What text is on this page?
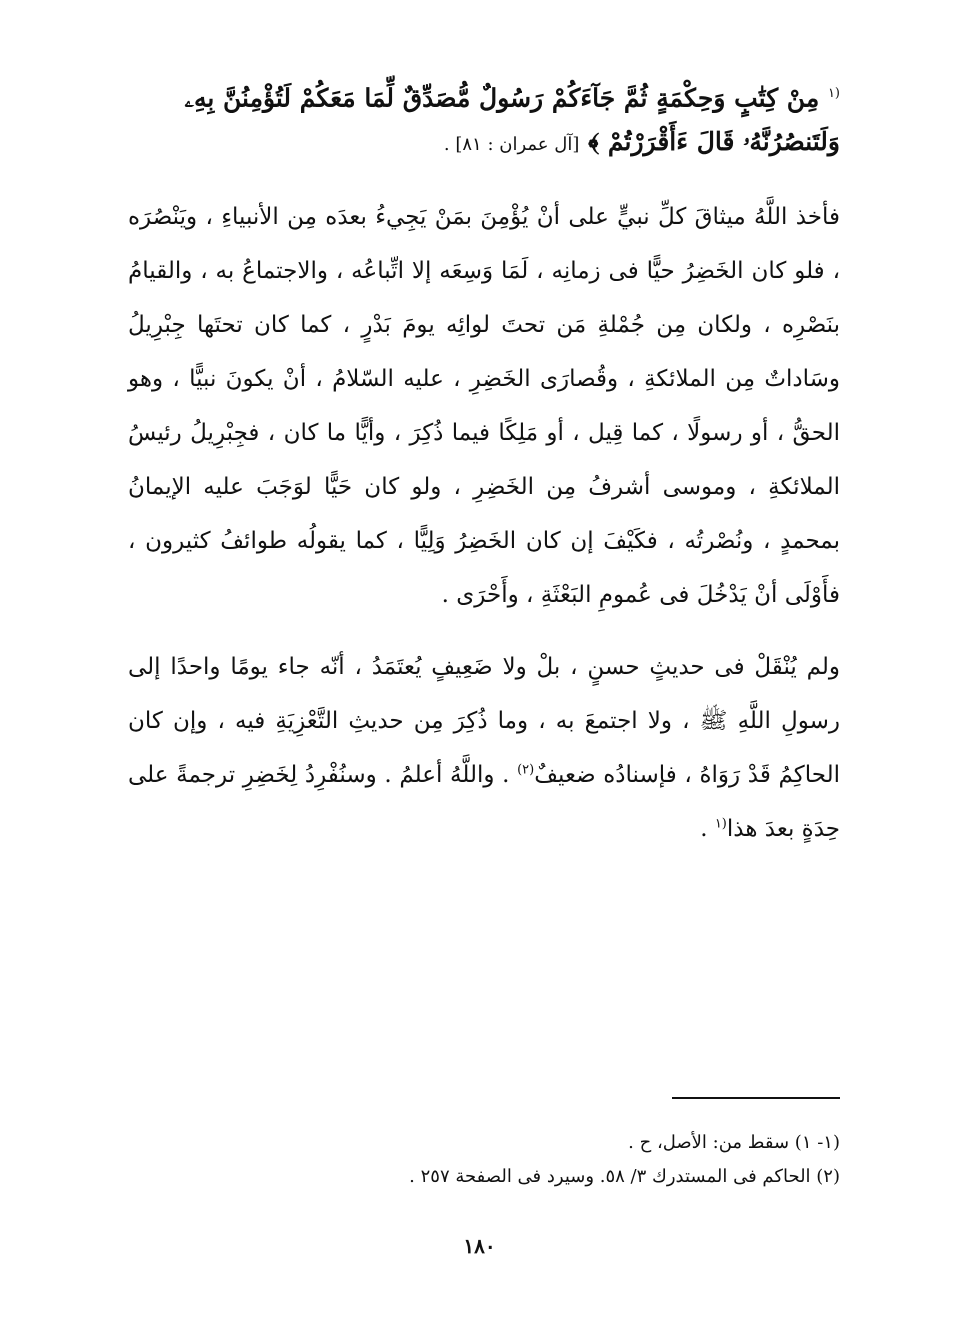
$^{(١}$ مِنْ كِتَٰبٍ وَحِكْمَةٍ ثُمَّ جَآءَكُمْ رَسُولٌ مُّصَدِّقٌ لِّمَا مَعَكُمْ لَتُؤْمِنُنَّ بِهِۦ
وَلَتَنصُرُنَّهُۥ قَالَ ءَأَقْرَرْتُمْ ﴾ [آل عمران : ٨١] .
فأخذ اللَّهُ ميثاقَ كلِّ نبيٍّ على أنْ يُؤْمِنَ بمَنْ يَجِيءُ بعدَه مِن الأنبياءِ ، ويَنْصُرَه ، فلو كان الخَضِرُ حيًّا فى زمانِه ، لَمَا وَسِعَه إلا اتِّباعُه ، والاجتماعُ به ، والقيامُ بنَصْرِه ، ولكان مِن جُمْلةِ مَن تحتَ لوائِه يومَ بَدْرٍ ، كما كان تحتَها جِبْرِيلُ وسَاداتٌ مِن الملائكةِ ، وقُصارَى الخَضِرِ ، عليه السّلامُ ، أنْ يكونَ نبيًّا ، وهو الحقُّ ، أو رسولًا ، كما قِيل ، أو مَلِكًا فيما ذُكِرَ ، وأيًّا ما كان ، فجِبْرِيلُ رئيسُ الملائكةِ ، وموسى أشرفُ مِن الخَضِرِ ، ولو كان حَيًّا لوَجَبَ عليه الإيمانُ بمحمدٍ ، ونُصْرتُه ، فكَيْفَ إن كان الخَضِرُ وَلِيًّا ، كما يقولُه طوائفُ كثيرون ، فأَوْلَى أنْ يَدْخُلَ فى عُمومِ البَعْثَةِ ، وأَحْرَى .
ولم يُنْقَلْ فى حديثٍ حسنٍ ، بلْ ولا ضَعِيفٍ يُعتَمَدُ ، أنّه جاء يومًا واحدًا إلى رسولِ اللَّهِ ﷺ ، ولا اجتمعَ به ، وما ذُكِرَ مِن حديثِ التَّعْزِيَةِ فيه ، وإن كان الحاكِمُ قَدْ رَوَاهُ ، فإسنادُه ضعيفٌ$^{(٢)}$ . واللَّهُ أعلمُ . وسنُفْرِدُ لِخَضِرِ ترجمةً على حِدَةٍ بعدَ هذا$^{(١}$ .
(١- ١) سقط من: الأصل، ح .
(٢) الحاكم فى المستدرك ٣/ ٥٨. وسيرد فى الصفحة ٢٥٧ .
١٨٠
